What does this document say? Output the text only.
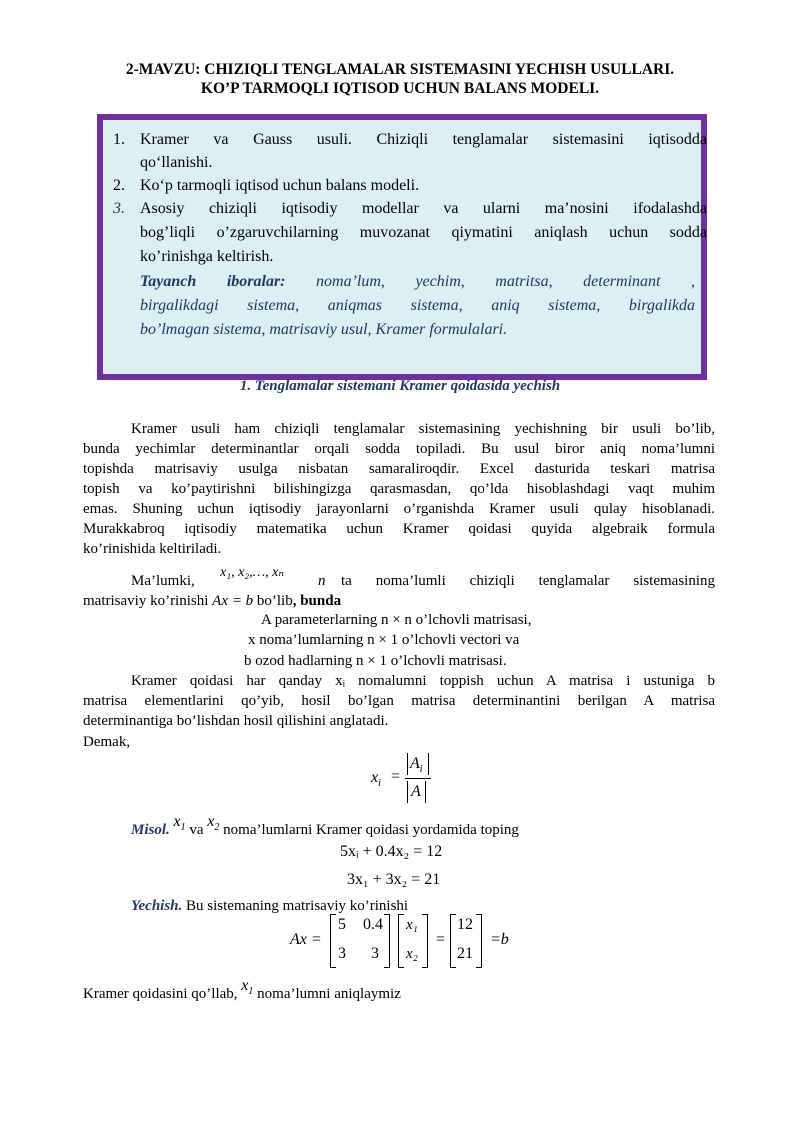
2-MAVZU: CHIZIQLI TENGLAMALAR SISTEMASINI YECHISH USULLARI.
KO’P TARMOQLI IQTISOD UCHUN BALANS MODELI.
1. Kramer va Gauss usuli. Chiziqli tenglamalar sistemasini iqtisodda
qo‘llanishi.
2. Ko‘p tarmoqli iqtisod uchun balans modeli.
3. Asosiy chiziqli iqtisodiy modellar va ularni ma’nosini ifodalashda
bog’liqli o’zgaruvchilarning muvozanat qiymatini aniqlash uchun sodda
ko’rinishga keltirish.
Tayanch iboralar: noma’lum, yechim, matritsa, determinant ,
birgalikdagi sistema, aniqmas sistema, aniq sistema, birgalikda
bo’lmagan sistema, matrisaviy usul, Kramer formulalari.
1. Tenglamalar sistemani Kramer qoidasida yechish
Kramer usuli ham chiziqli tenglamalar sistemasining yechishning bir usuli bo’lib,
bunda yechimlar determinantlar orqali sodda topiladi. Bu usul biror aniq noma’lumni
topishda matrisaviy usulga nisbatan samaraliroqdir. Excel dasturida teskari matrisa
topish va ko’paytirishni bilishingizga qarasmasdan, qo’lda hisoblashdagi vaqt muhim
emas. Shuning uchun iqtisodiy jarayonlarni o’rganishda Kramer usuli qulay hisoblanadi.
Murakkabroq iqtisodiy matematika uchun Kramer qoidasi quyida algebraik formula
ko’rinishida keltiriladi.
Ma’lumki,
x₁, x₂,…, xₙ
n ta noma’lumli chiziqli tenglamalar sistemasining
matrisaviy ko’rinishi Ax = b bo’lib, bunda
A parameterlarning n × n o’lchovli matrisasi,
x noma’lumlarning n × 1 o’lchovli vectori va
b ozod hadlarning n × 1 o’lchovli matrisasi.
Kramer qoidasi har qanday xᵢ nomalumni toppish uchun A matrisa i ustuniga b
matrisa elementlarini qo’yib, hosil bo’lgan matrisa determinantini berilgan A matrisa
determinantiga bo’lishdan hosil qilishini anglatadi.
Demak,
$x_i$ =
$A_i$
A
Misol. $x_1$ va $x_2$ noma’lumlarni Kramer qoidasi yordamida toping
5xᵢ + 0.4x₂ = 12
3x₁ + 3x₂ = 21
Yechish. Bu sistemaning matrisaviy ko’rinishi
Ax =
5 0.4
3 3
x₁
x₂
=
12
21
=b
Kramer qoidasini qo’llab, $x_1$ noma’lumni aniqlaymiz
